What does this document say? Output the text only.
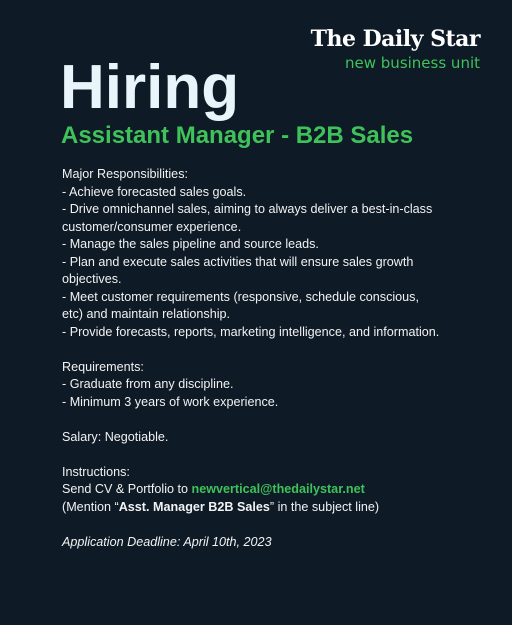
The Daily Star
new business unit
Hiring
Assistant Manager - B2B Sales
Major Responsibilities:
- Achieve forecasted sales goals.
- Drive omnichannel sales, aiming to always deliver a best-in-class
customer/consumer experience.
- Manage the sales pipeline and source leads.
- Plan and execute sales activities that will ensure sales growth
objectives.
- Meet customer requirements (responsive, schedule conscious,
etc) and maintain relationship.
- Provide forecasts, reports, marketing intelligence, and information.
Requirements:
- Graduate from any discipline.
- Minimum 3 years of work experience.
Salary: Negotiable.
Instructions:
Send CV & Portfolio to newvertical@thedailystar.net
(Mention “Asst. Manager B2B Sales” in the subject line)
Application Deadline: April 10th, 2023
